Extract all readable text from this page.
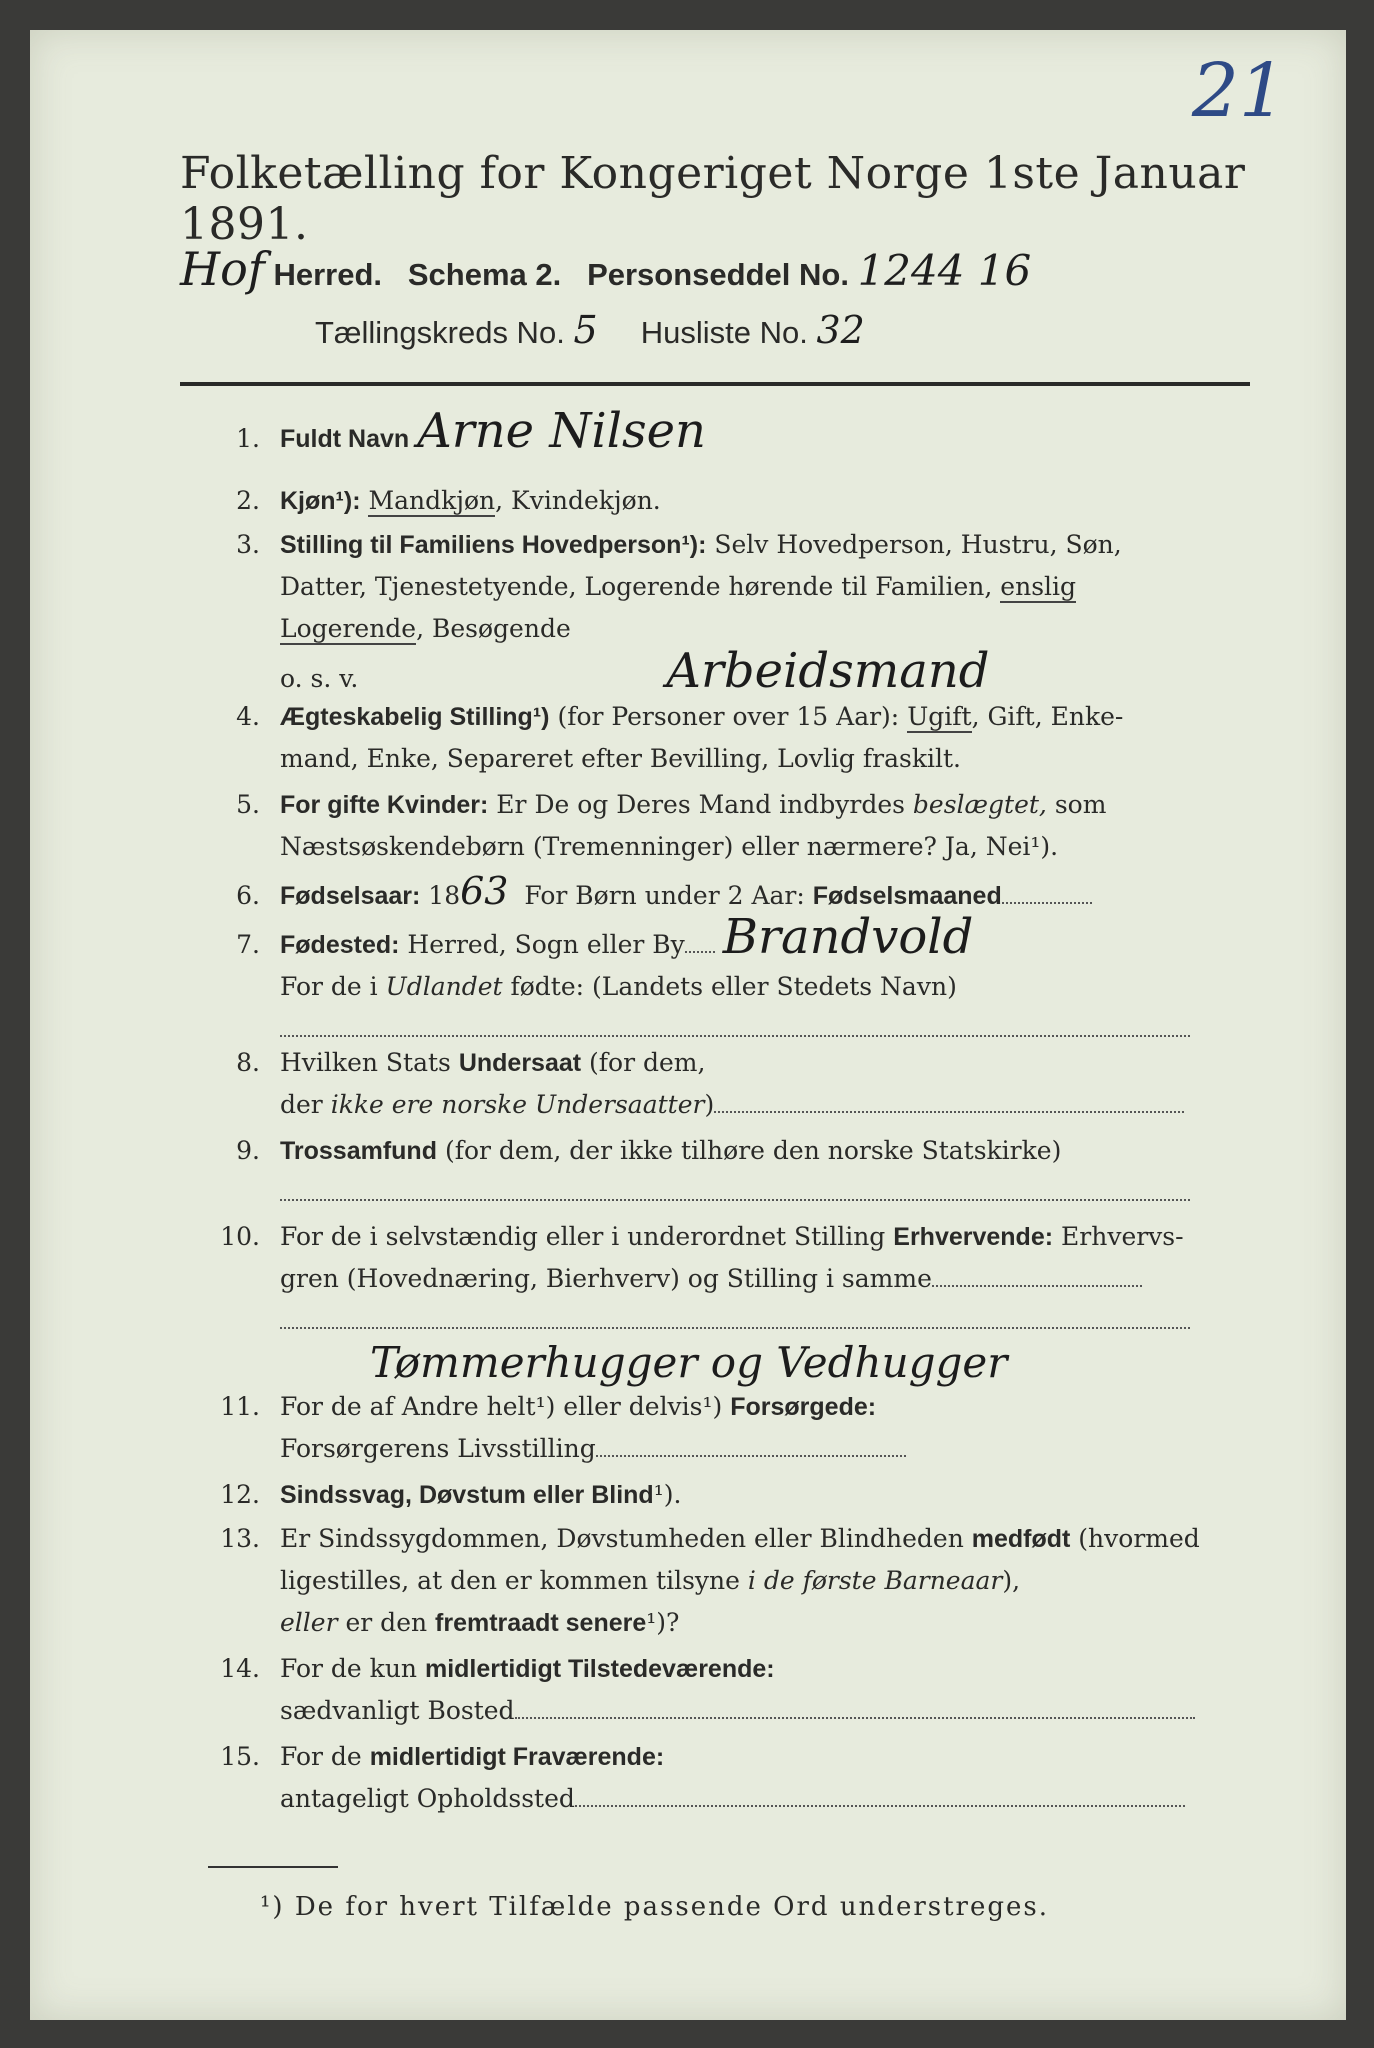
21
Folketælling for Kongeriget Norge 1ste Januar 1891.
Hof Herred. Schema 2. Personseddel No. 1244 16
Tællingskreds No. 5 Husliste No. 32
1. Fuldt Navn Arne Nilsen
2. Kjøn¹): Mandkjøn, Kvindekjøn.
3. Stilling til Familiens Hovedperson¹): Selv Hovedperson, Hustru, Søn,
Datter, Tjenestetyende, Logerende hørende til Familien, enslig
Logerende, Besøgende
o. s. v.	Arbeidsmand
4. Ægteskabelig Stilling¹) (for Personer over 15 Aar): Ugift, Gift, Enke-
mand, Enke, Separeret efter Bevilling, Lovlig fraskilt.
5. For gifte Kvinder: Er De og Deres Mand indbyrdes beslægtet, som
Næstsøskendebørn (Tremenninger) eller nærmere? Ja, Nei¹).
6. Fødselsaar: 1863 For Børn under 2 Aar: Fødselsmaaned
7. Fødested: Herred, Sogn eller By Brandvold
For de i Udlandet fødte: (Landets eller Stedets Navn)

8. Hvilken Stats Undersaat (for dem,
der ikke ere norske Undersaatter)
9. Trossamfund (for dem, der ikke tilhøre den norske Statskirke)

10. For de i selvstændig eller i underordnet Stilling Erhvervende: Erhvervs-
gren (Hovednæring, Bierhverv) og Stilling i samme

Tømmerhugger og Vedhugger
11. For de af Andre helt¹) eller delvis¹) Forsørgede:
Forsørgerens Livsstilling
12. Sindssvag, Døvstum eller Blind¹).
13. Er Sindssygdommen, Døvstumheden eller Blindheden medfødt (hvormed
ligestilles, at den er kommen tilsyne i de første Barneaar),
eller er den fremtraadt senere¹)?
14. For de kun midlertidigt Tilstedeværende:
sædvanligt Bosted
15. For de midlertidigt Fraværende:
antageligt Opholdssted
¹) De for hvert Tilfælde passende Ord understreges.
